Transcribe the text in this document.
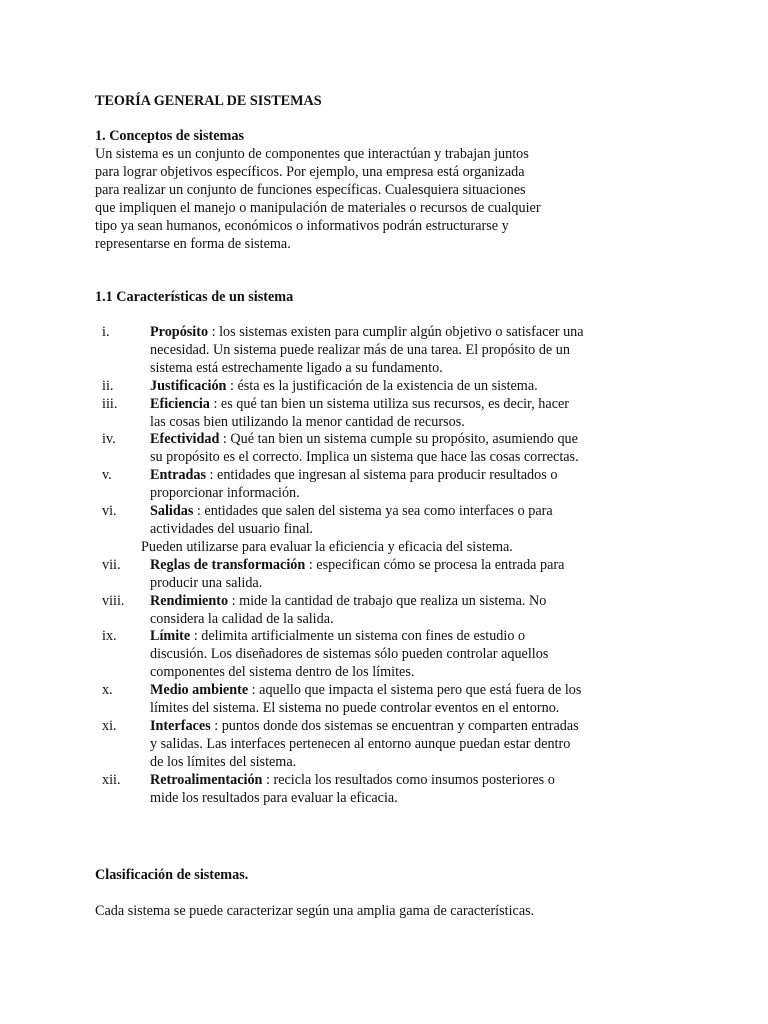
TEORÍA GENERAL DE SISTEMAS
1. Conceptos de sistemas
Un sistema es un conjunto de componentes que interactúan y trabajan juntos
para lograr objetivos específicos. Por ejemplo, una empresa está organizada
para realizar un conjunto de funciones específicas. Cualesquiera situaciones
que impliquen el manejo o manipulación de materiales o recursos de cualquier
tipo ya sean humanos, económicos o informativos podrán estructurarse y
representarse en forma de sistema.
1.1 Características de un sistema
i.	Propósito : los sistemas existen para cumplir algún objetivo o satisfacer una
necesidad. Un sistema puede realizar más de una tarea. El propósito de un
sistema está estrechamente ligado a su fundamento.
ii.	Justificación : ésta es la justificación de la existencia de un sistema.
iii. Eficiencia : es qué tan bien un sistema utiliza sus recursos, es decir, hacer
las cosas bien utilizando la menor cantidad de recursos.
iv. Efectividad : Qué tan bien un sistema cumple su propósito, asumiendo que
su propósito es el correcto. Implica un sistema que hace las cosas correctas.
v.	Entradas : entidades que ingresan al sistema para producir resultados o
proporcionar información.
vi. Salidas : entidades que salen del sistema ya sea como interfaces o para
actividades del usuario final.
Pueden utilizarse para evaluar la eficiencia y eficacia del sistema.
vii. Reglas de transformación : especifican cómo se procesa la entrada para
producir una salida.
viii. Rendimiento : mide la cantidad de trabajo que realiza un sistema. No
considera la calidad de la salida.
ix. Límite : delimita artificialmente un sistema con fines de estudio o
discusión. Los diseñadores de sistemas sólo pueden controlar aquellos
componentes del sistema dentro de los límites.
x.	Medio ambiente : aquello que impacta el sistema pero que está fuera de los
límites del sistema. El sistema no puede controlar eventos en el entorno.
xi. Interfaces : puntos donde dos sistemas se encuentran y comparten entradas
y salidas. Las interfaces pertenecen al entorno aunque puedan estar dentro
de los límites del sistema.
xii. Retroalimentación : recicla los resultados como insumos posteriores o
mide los resultados para evaluar la eficacia.
Clasificación de sistemas.
Cada sistema se puede caracterizar según una amplia gama de características.
